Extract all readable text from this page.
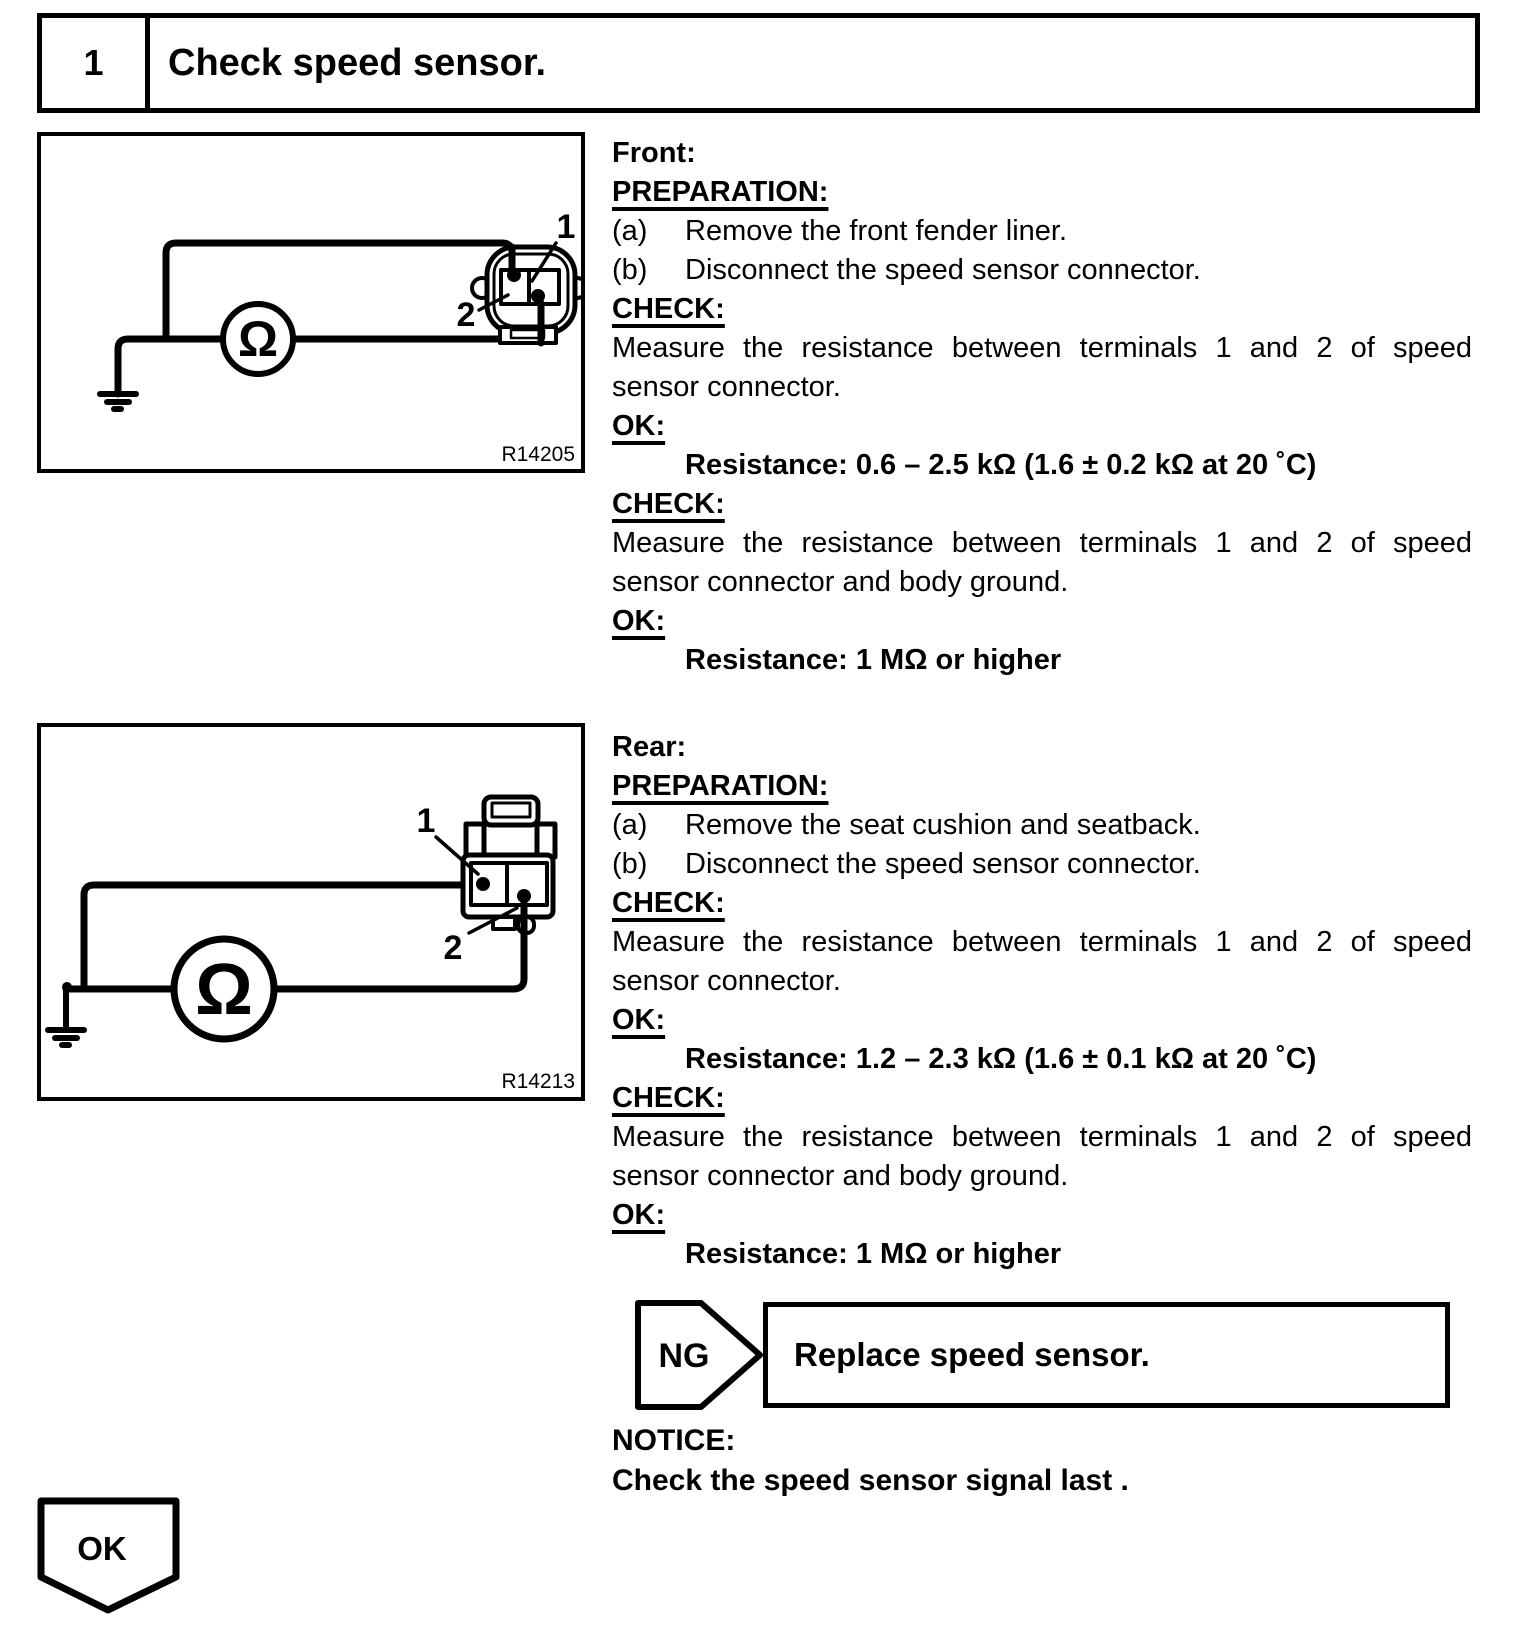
1	Check speed sensor.
Ω
1
2
R14205
Front:
PREPARATION:
(a)	Remove the front fender liner.
(b)	Disconnect the speed sensor connector.
CHECK:
Measure the resistance between terminals 1 and 2 of speed sensor connector.
OK:
Resistance: 0.6 – 2.5 kΩ (1.6 ± 0.2 kΩ at 20 ˚C)
CHECK:
Measure the resistance between terminals 1 and 2 of speed sensor connector and body ground.
OK:
Resistance: 1 MΩ or higher
Ω
1
2
R14213
Rear:
PREPARATION:
(a)	Remove the seat cushion and seatback.
(b)	Disconnect the speed sensor connector.
CHECK:
Measure the resistance between terminals 1 and 2 of speed sensor connector.
OK:
Resistance: 1.2 – 2.3 kΩ (1.6 ± 0.1 kΩ at 20 ˚C)
CHECK:
Measure the resistance between terminals 1 and 2 of speed sensor connector and body ground.
OK:
Resistance: 1 MΩ or higher
NG	Replace speed sensor.
NOTICE:
Check the speed sensor signal last .
OK
